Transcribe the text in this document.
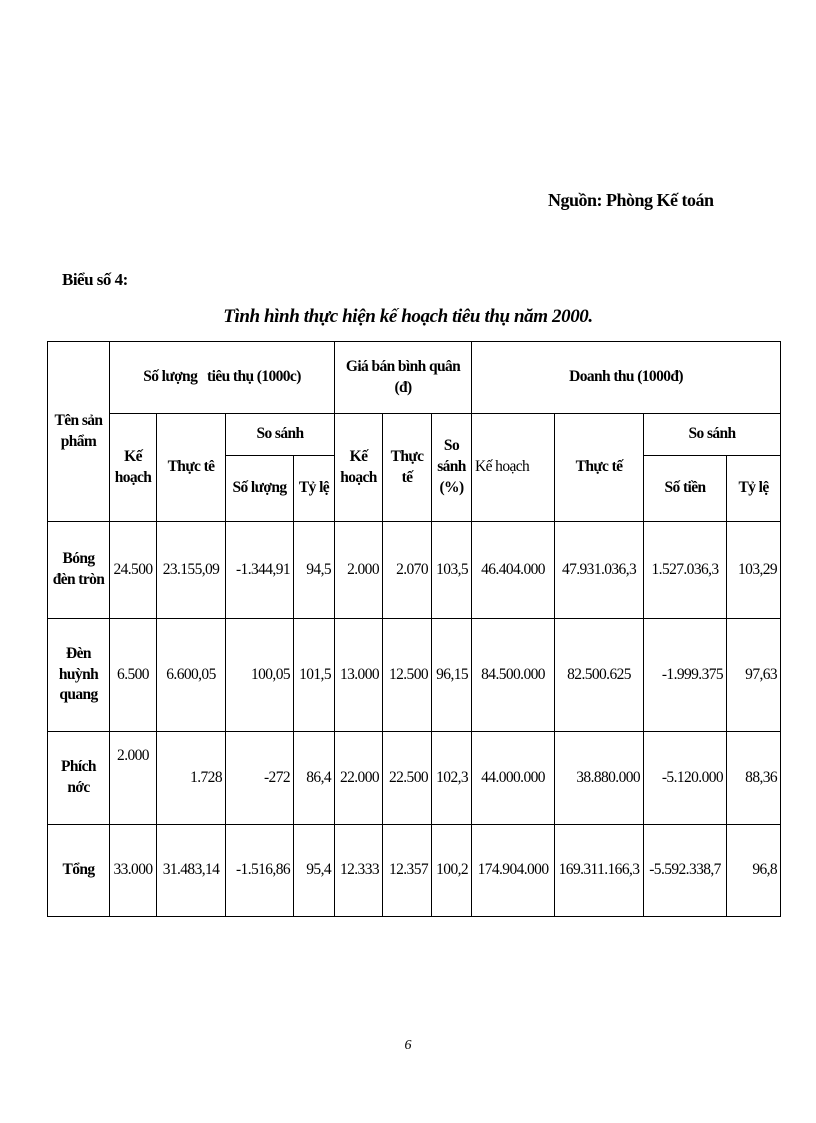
Nguồn: Phòng Kế toán
Biểu số 4:
Tình hình thực hiện kế hoạch tiêu thụ năm 2000.
Tên sản phẩm	Số lượng   tiêu thụ (1000c)				Giá bán bình quân (đ)			Doanh thu (1000đ)			
	Kế hoạch	Thực tê	So sánh		Kế hoạch	Thực tế	So sánh (%)	Kế hoạch	Thực tế	So sánh	
			Số lượng	Tỷ lệ						Số tiền	Tỷ lệ
Bóng đèn tròn	24.500	23.155,09	-1.344,91	94,5	2.000	2.070	103,5	46.404.000	47.931.036,3	1.527.036,3	103,29
Đèn huỳnh quang	6.500	6.600,05	100,05	101,5	13.000	12.500	96,15	84.500.000	82.500.625	-1.999.375	97,63
Phích nớc	2.000	1.728	-272	86,4	22.000	22.500	102,3	44.000.000	38.880.000	-5.120.000	88,36
Tổng	33.000	31.483,14	-1.516,86	95,4	12.333	12.357	100,2	174.904.000	169.311.166,3	-5.592.338,7	96,8
6
